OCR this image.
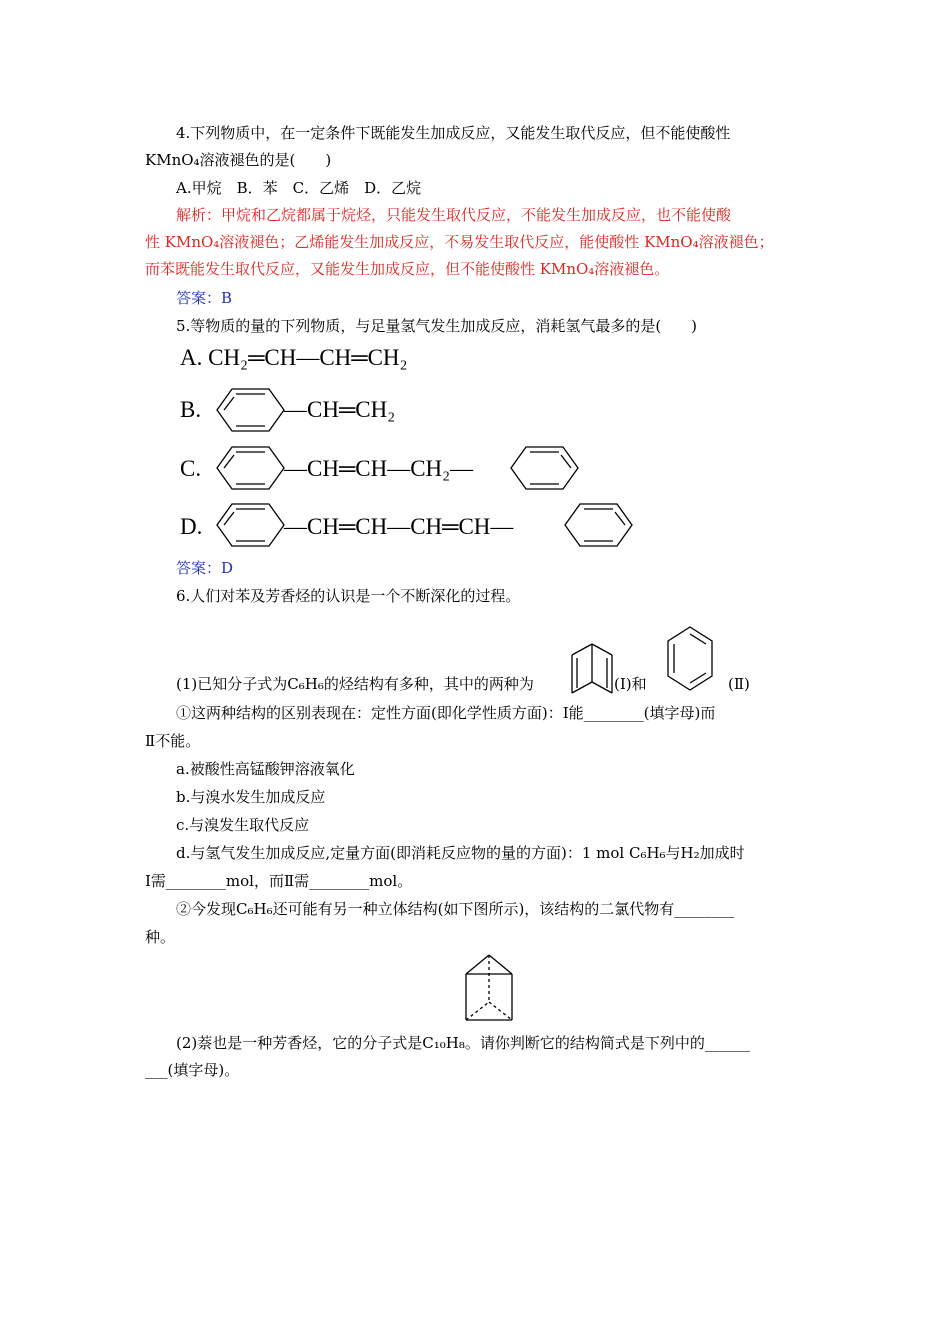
4.下列物质中，在一定条件下既能发生加成反应，又能发生取代反应，但不能使酸性
KMnO₄溶液褪色的是(　　)
A.甲烷　B．苯　C．乙烯　D．乙烷
解析：甲烷和乙烷都属于烷烃，只能发生取代反应，不能发生加成反应，也不能使酸
性 KMnO₄溶液褪色；乙烯能发生加成反应，不易发生取代反应，能使酸性 KMnO₄溶液褪色；
而苯既能发生取代反应，又能发生加成反应，但不能使酸性 KMnO₄溶液褪色。
答案：B
5.等物质的量的下列物质，与足量氢气发生加成反应，消耗氢气最多的是(　　)
A. CH₂═CH—CH═CH₂
B.	—CH═CH₂
C.	—CH═CH—CH₂—
D.	—CH═CH—CH═CH—
答案：D
6.人们对苯及芳香烃的认识是一个不断深化的过程。
(1)已知分子式为C₆H₆的烃结构有多种，其中的两种为	(Ⅰ)和	(Ⅱ)
①这两种结构的区别表现在：定性方面(即化学性质方面)：Ⅰ能________(填字母)而
Ⅱ不能。
a.被酸性高锰酸钾溶液氧化
b.与溴水发生加成反应
c.与溴发生取代反应
d.与氢气发生加成反应,定量方面(即消耗反应物的量的方面)：1 mol C₆H₆与H₂加成时
Ⅰ需________mol，而Ⅱ需________mol。
②今发现C₆H₆还可能有另一种立体结构(如下图所示)，该结构的二氯代物有________
种。
(2)萘也是一种芳香烃，它的分子式是C₁₀H₈。请你判断它的结构简式是下列中的______
___(填字母)。
